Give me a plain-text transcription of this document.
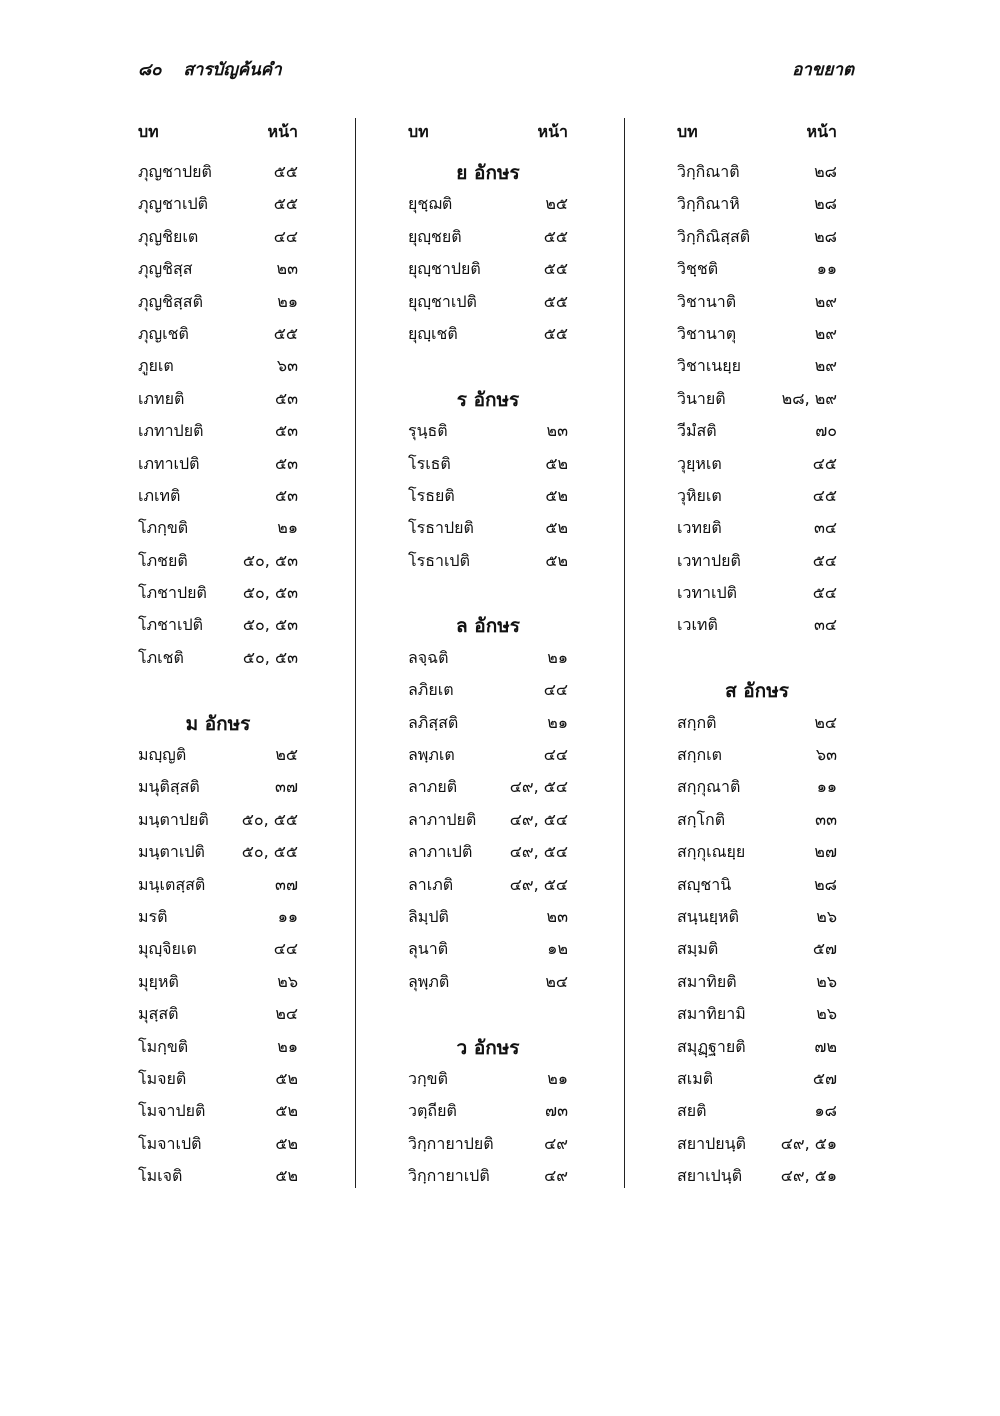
๘๐ สารบัญค้นคำ	อาขยาต
บท	หน้า
ภุญชาปยติ	๕๕
ภุญชาเปติ	๕๕
ภุญชิยเต	๔๔
ภุญชิสฺส	๒๓
ภุญชิสฺสติ	๒๑
ภุญเชติ	๕๕
ภูยเต	๖๓
เภทยติ	๕๓
เภทาปยติ	๕๓
เภทาเปติ	๕๓
เภเทติ	๕๓
โภกฺขติ	๒๑
โภชยติ	๕๐, ๕๓
โภชาปยติ ๕๐, ๕๓
โภชาเปติ ๕๐, ๕๓
โภเชติ	๕๐, ๕๓
ม อักษร
มญฺญติ	๒๕
มนุติสฺสติ	๓๗
มนฺตาปยติ ๕๐, ๕๕
มนฺตาเปติ ๕๐, ๕๕
มนฺเตสฺสติ	๓๗
มรติ	๑๑
มุญฺจิยเต	๔๔
มุยฺหติ	๒๖
มุสฺสติ	๒๔
โมกฺขติ	๒๑
โมจยติ	๕๒
โมจาปยติ	๕๒
โมจาเปติ	๕๒
โมเจติ	๕๒
บท	หน้า
ย อักษร
ยุชฺฌติ	๒๕
ยุญฺชยติ	๕๕
ยุญฺชาปยติ	๕๕
ยุญฺชาเปติ	๕๕
ยุญฺเชติ	๕๕
ร อักษร
รุนฺธติ	๒๓
โรเธติ	๕๒
โรธยติ	๕๒
โรธาปยติ	๕๒
โรธาเปติ	๕๒
ล อักษร
ลจฺฉติ	๒๑
ลภิยเต	๔๔
ลภิสฺสติ	๒๑
ลพฺภเต	๔๔
ลาภยติ	๔๙, ๕๔
ลาภาปยติ ๔๙, ๕๔
ลาภาเปติ ๔๙, ๕๔
ลาเภติ	๔๙, ๕๔
ลิมฺปติ	๒๓
ลุนาติ	๑๒
ลุพฺภติ	๒๔
ว อักษร
วกฺขติ	๒๑
วตฺถียติ	๗๓
วิกฺกายาปยติ	๔๙
วิกฺกายาเปติ	๔๙
บท	หน้า
วิกฺกิณาติ	๒๘
วิกฺกิณาหิ	๒๘
วิกฺกิณิสฺสติ	๒๘
วิชฺชติ	๑๑
วิชานาติ	๒๙
วิชานาตุ	๒๙
วิชาเนยฺย	๒๙
วินายติ	๒๘, ๒๙
วีมํสติ	๗๐
วุยฺหเต	๔๕
วุหิยเต	๔๕
เวทยติ	๓๔
เวทาปยติ	๕๔
เวทาเปติ	๕๔
เวเทติ	๓๔
ส อักษร
สกฺกติ	๒๔
สกฺกเต	๖๓
สกฺกุณาติ	๑๑
สกฺโกติ	๓๓
สกฺกุเณยฺย	๒๗
สญฺชานิ	๒๘
สนฺนยฺหติ	๒๖
สมฺมติ	๕๗
สมาทิยติ	๒๖
สมาทิยามิ	๒๖
สมุฏฺฐายติ	๗๒
สเมติ	๕๗
สยติ	๑๘
สยาปยนฺติ ๔๙, ๕๑
สยาเปนฺติ ๔๙, ๕๑
